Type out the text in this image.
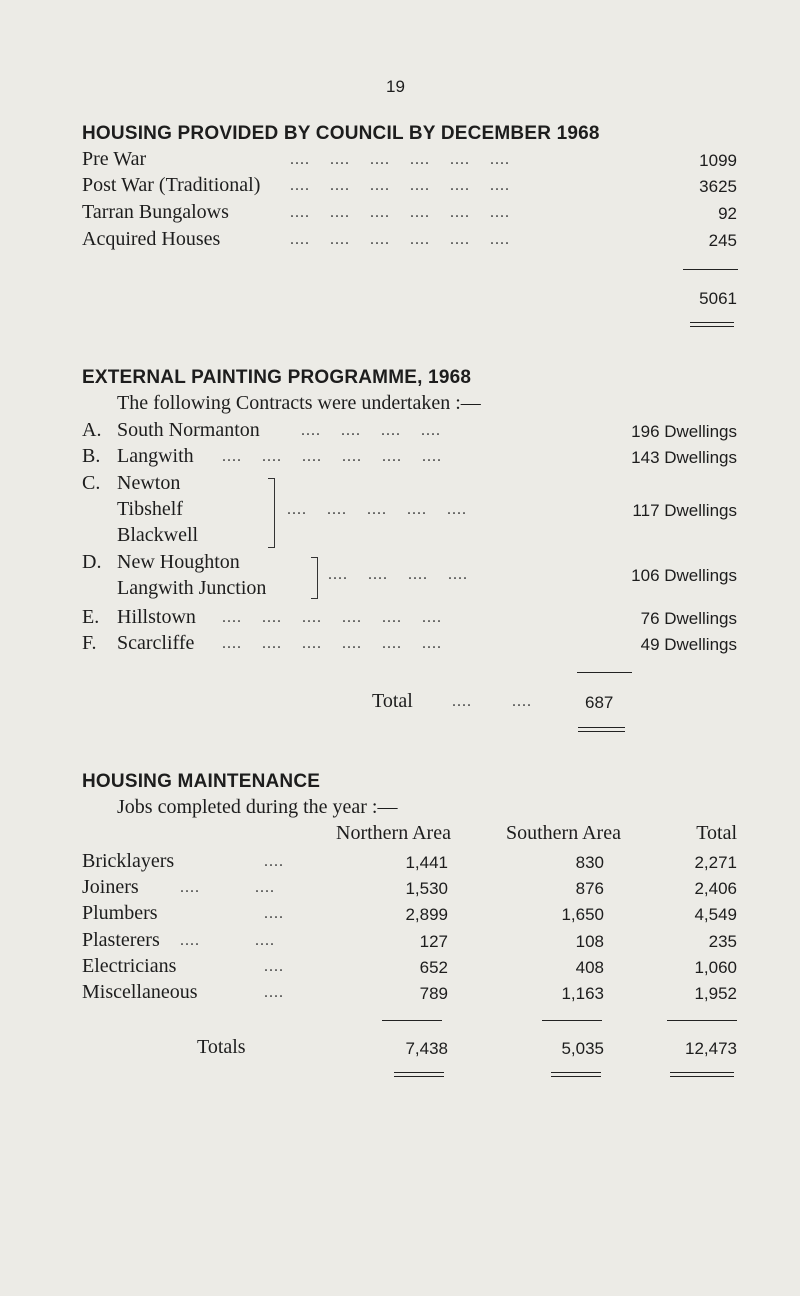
19
HOUSING PROVIDED BY COUNCIL BY DECEMBER 1968
Pre War	....    ....    ....    ....    ....    ....	1099
Post War (Traditional) ....    ....    ....    ....    ....    ....	3625
Tarran Bungalows	....    ....    ....    ....    ....    ....	92
Acquired Houses	....    ....    ....    ....    ....    ....	245
5061
EXTERNAL PAINTING PROGRAMME, 1968
The following Contracts were undertaken :—
A. South Normanton	....    ....    ....    ....	196 Dwellings
B. Langwith ....    ....    ....    ....    ....    ....	143 Dwellings
C. Newton
Tibshelf
Blackwell
....    ....    ....    ....    ....	117 Dwellings
D. New Houghton
Langwith Junction
....    ....    ....    ....	106 Dwellings
E. Hillstown ....    ....    ....    ....    ....    ....	76 Dwellings
F. Scarcliffe ....    ....    ....    ....    ....    ....	49 Dwellings
Total ....        ....	687
HOUSING MAINTENANCE
Jobs completed during the year :—
Northern Area	Southern Area	Total
Bricklayers	....	1,441	830	2,271
Joiners	....           ....	1,530	876	2,406
Plumbers	....	2,899	1,650	4,549
Plasterers ....           ....	127	108	235
Electricians	....	652	408	1,060
Miscellaneous	....	789	1,163	1,952
Totals	7,438	5,035	12,473
